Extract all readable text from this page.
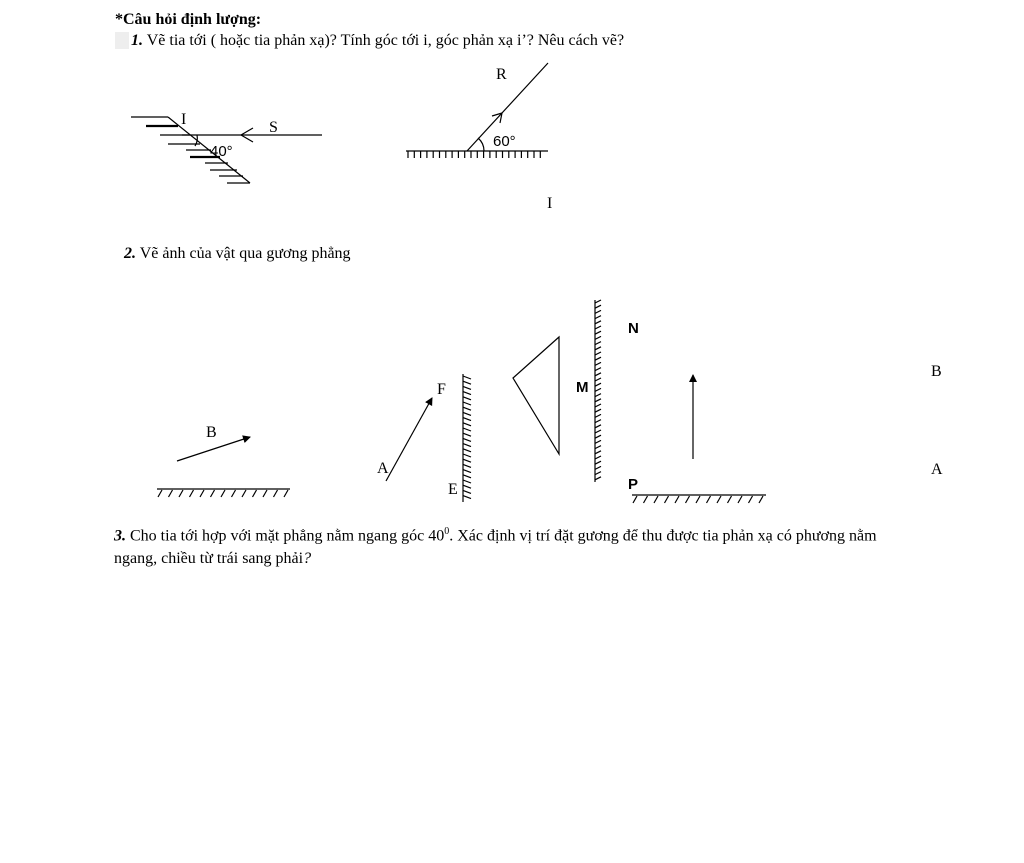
*Câu hỏi định lượng:
1. Vẽ tia tới ( hoặc tia phản xạ)? Tính góc tới i, góc phản xạ i’? Nêu cách vẽ?
2. Vẽ ảnh của vật qua gương phẳng
3. Cho tia tới hợp với mặt phẳng nằm ngang góc $40^0$. Xác định vị trí đặt gương để thu được tia phản xạ có phương nằm
ngang, chiều từ trái sang phải?
I	S
40°
R
60°
I
B
F
A
E
M
N
P
B
A
